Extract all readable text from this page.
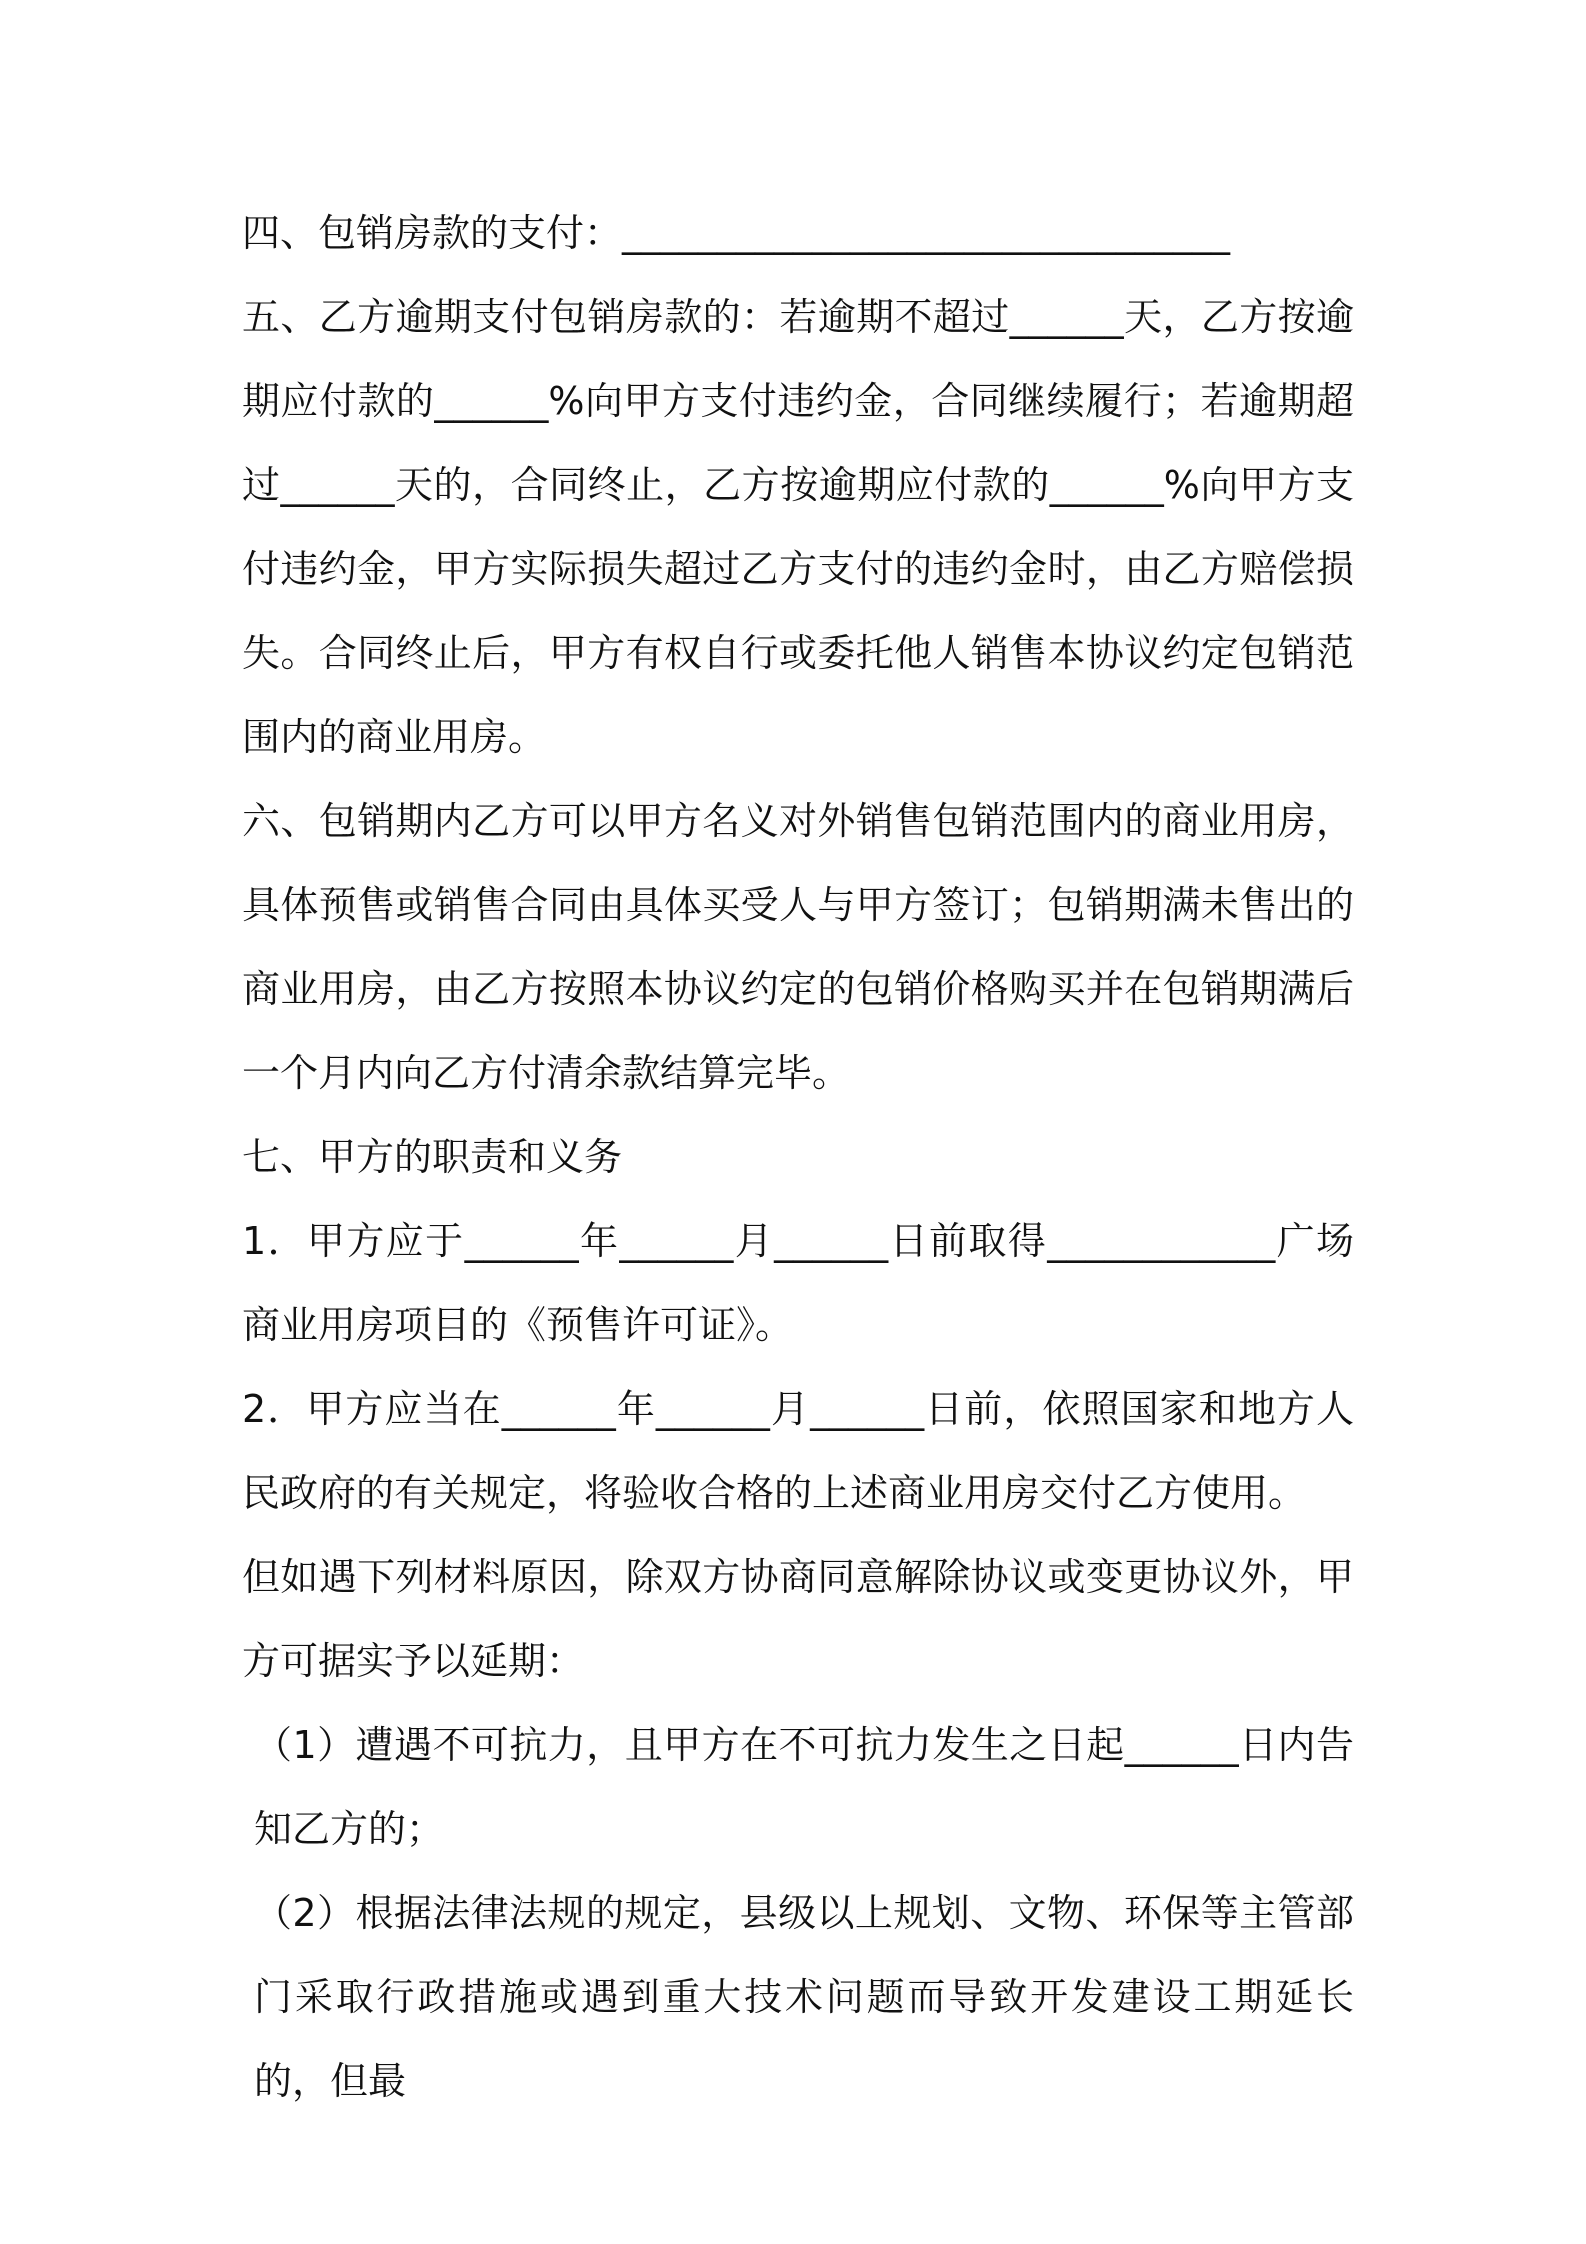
四、包销房款的支付：________________________________

五、乙方逾期支付包销房款的：若逾期不超过______天，乙方按逾期应付款的______%向甲方支付违约金，合同继续履行；若逾期超过______天的，合同终止，乙方按逾期应付款的______%向甲方支付违约金，甲方实际损失超过乙方支付的违约金时，由乙方赔偿损失。合同终止后，甲方有权自行或委托他人销售本协议约定包销范围内的商业用房。

六、包销期内乙方可以甲方名义对外销售包销范围内的商业用房，具体预售或销售合同由具体买受人与甲方签订；包销期满未售出的商业用房，由乙方按照本协议约定的包销价格购买并在包销期满后一个月内向乙方付清余款结算完毕。

七、甲方的职责和义务

1．甲方应于______年______月______日前取得____________广场商业用房项目的《预售许可证》。

2．甲方应当在______年______月______日前，依照国家和地方人民政府的有关规定，将验收合格的上述商业用房交付乙方使用。

但如遇下列材料原因，除双方协商同意解除协议或变更协议外，甲方可据实予以延期：

（1）遭遇不可抗力，且甲方在不可抗力发生之日起______日内告知乙方的；

（2）根据法律法规的规定，县级以上规划、文物、环保等主管部门采取行政措施或遇到重大技术问题而导致开发建设工期延长的，但最
